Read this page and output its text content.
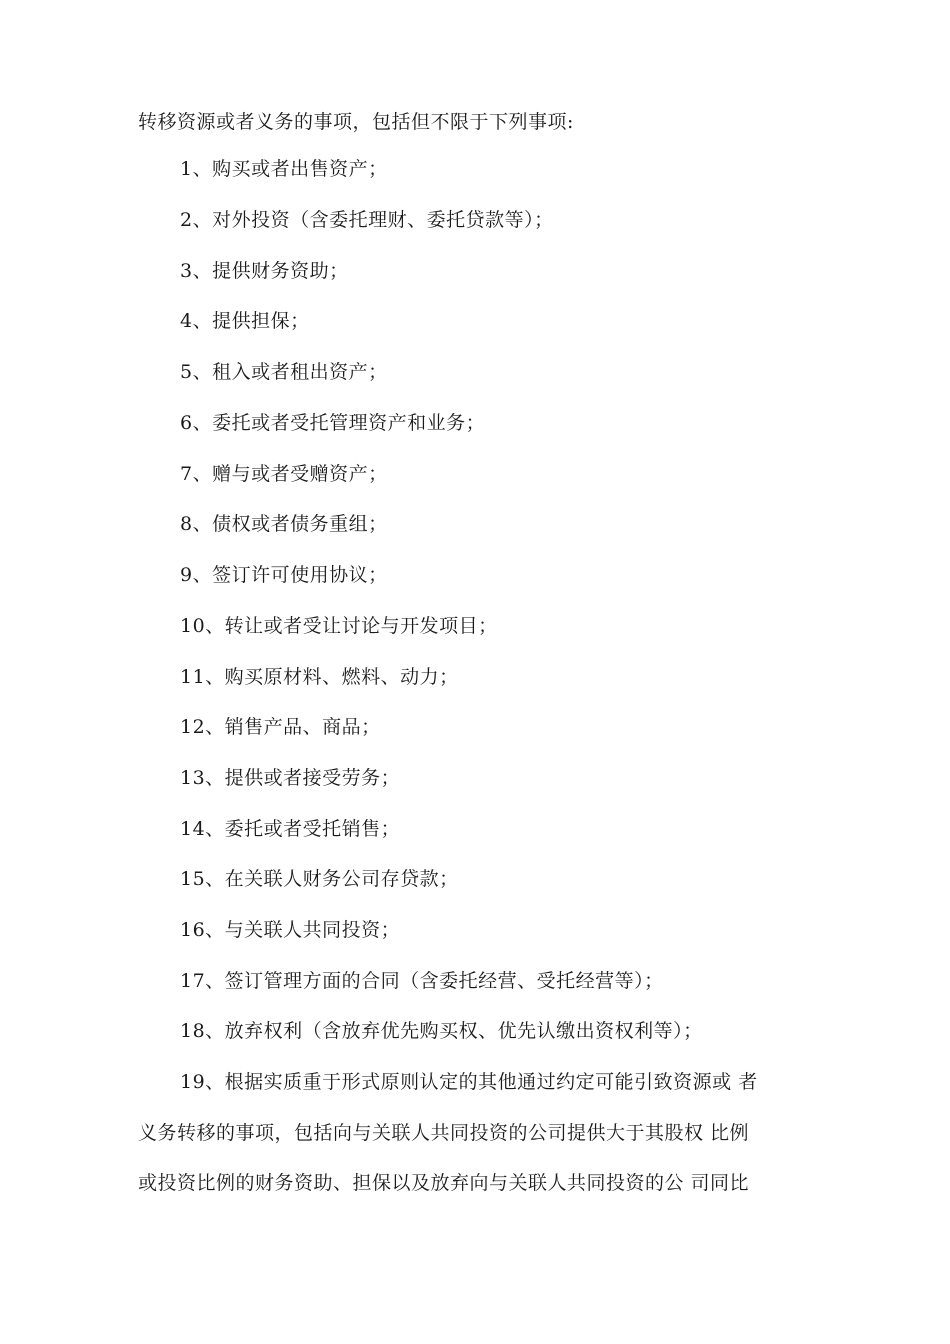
转移资源或者义务的事项，包括但不限于下列事项:
1、购买或者出售资产；
2、对外投资（含委托理财、委托贷款等）；
3、提供财务资助；
4、提供担保；
5、租入或者租出资产；
6、委托或者受托管理资产和业务；
7、赠与或者受赠资产；
8、债权或者债务重组；
9、签订许可使用协议；
10、转让或者受让讨论与开发项目；
11、购买原材料、燃料、动力；
12、销售产品、商品；
13、提供或者接受劳务；
14、委托或者受托销售；
15、在关联人财务公司存贷款；
16、与关联人共同投资；
17、签订管理方面的合同（含委托经营、受托经营等）；
18、放弃权利（含放弃优先购买权、优先认缴出资权利等）；
19、根据实质重于形式原则认定的其他通过约定可能引致资源或 者
义务转移的事项，包括向与关联人共同投资的公司提供大于其股权 比例
或投资比例的财务资助、担保以及放弃向与关联人共同投资的公 司同比
